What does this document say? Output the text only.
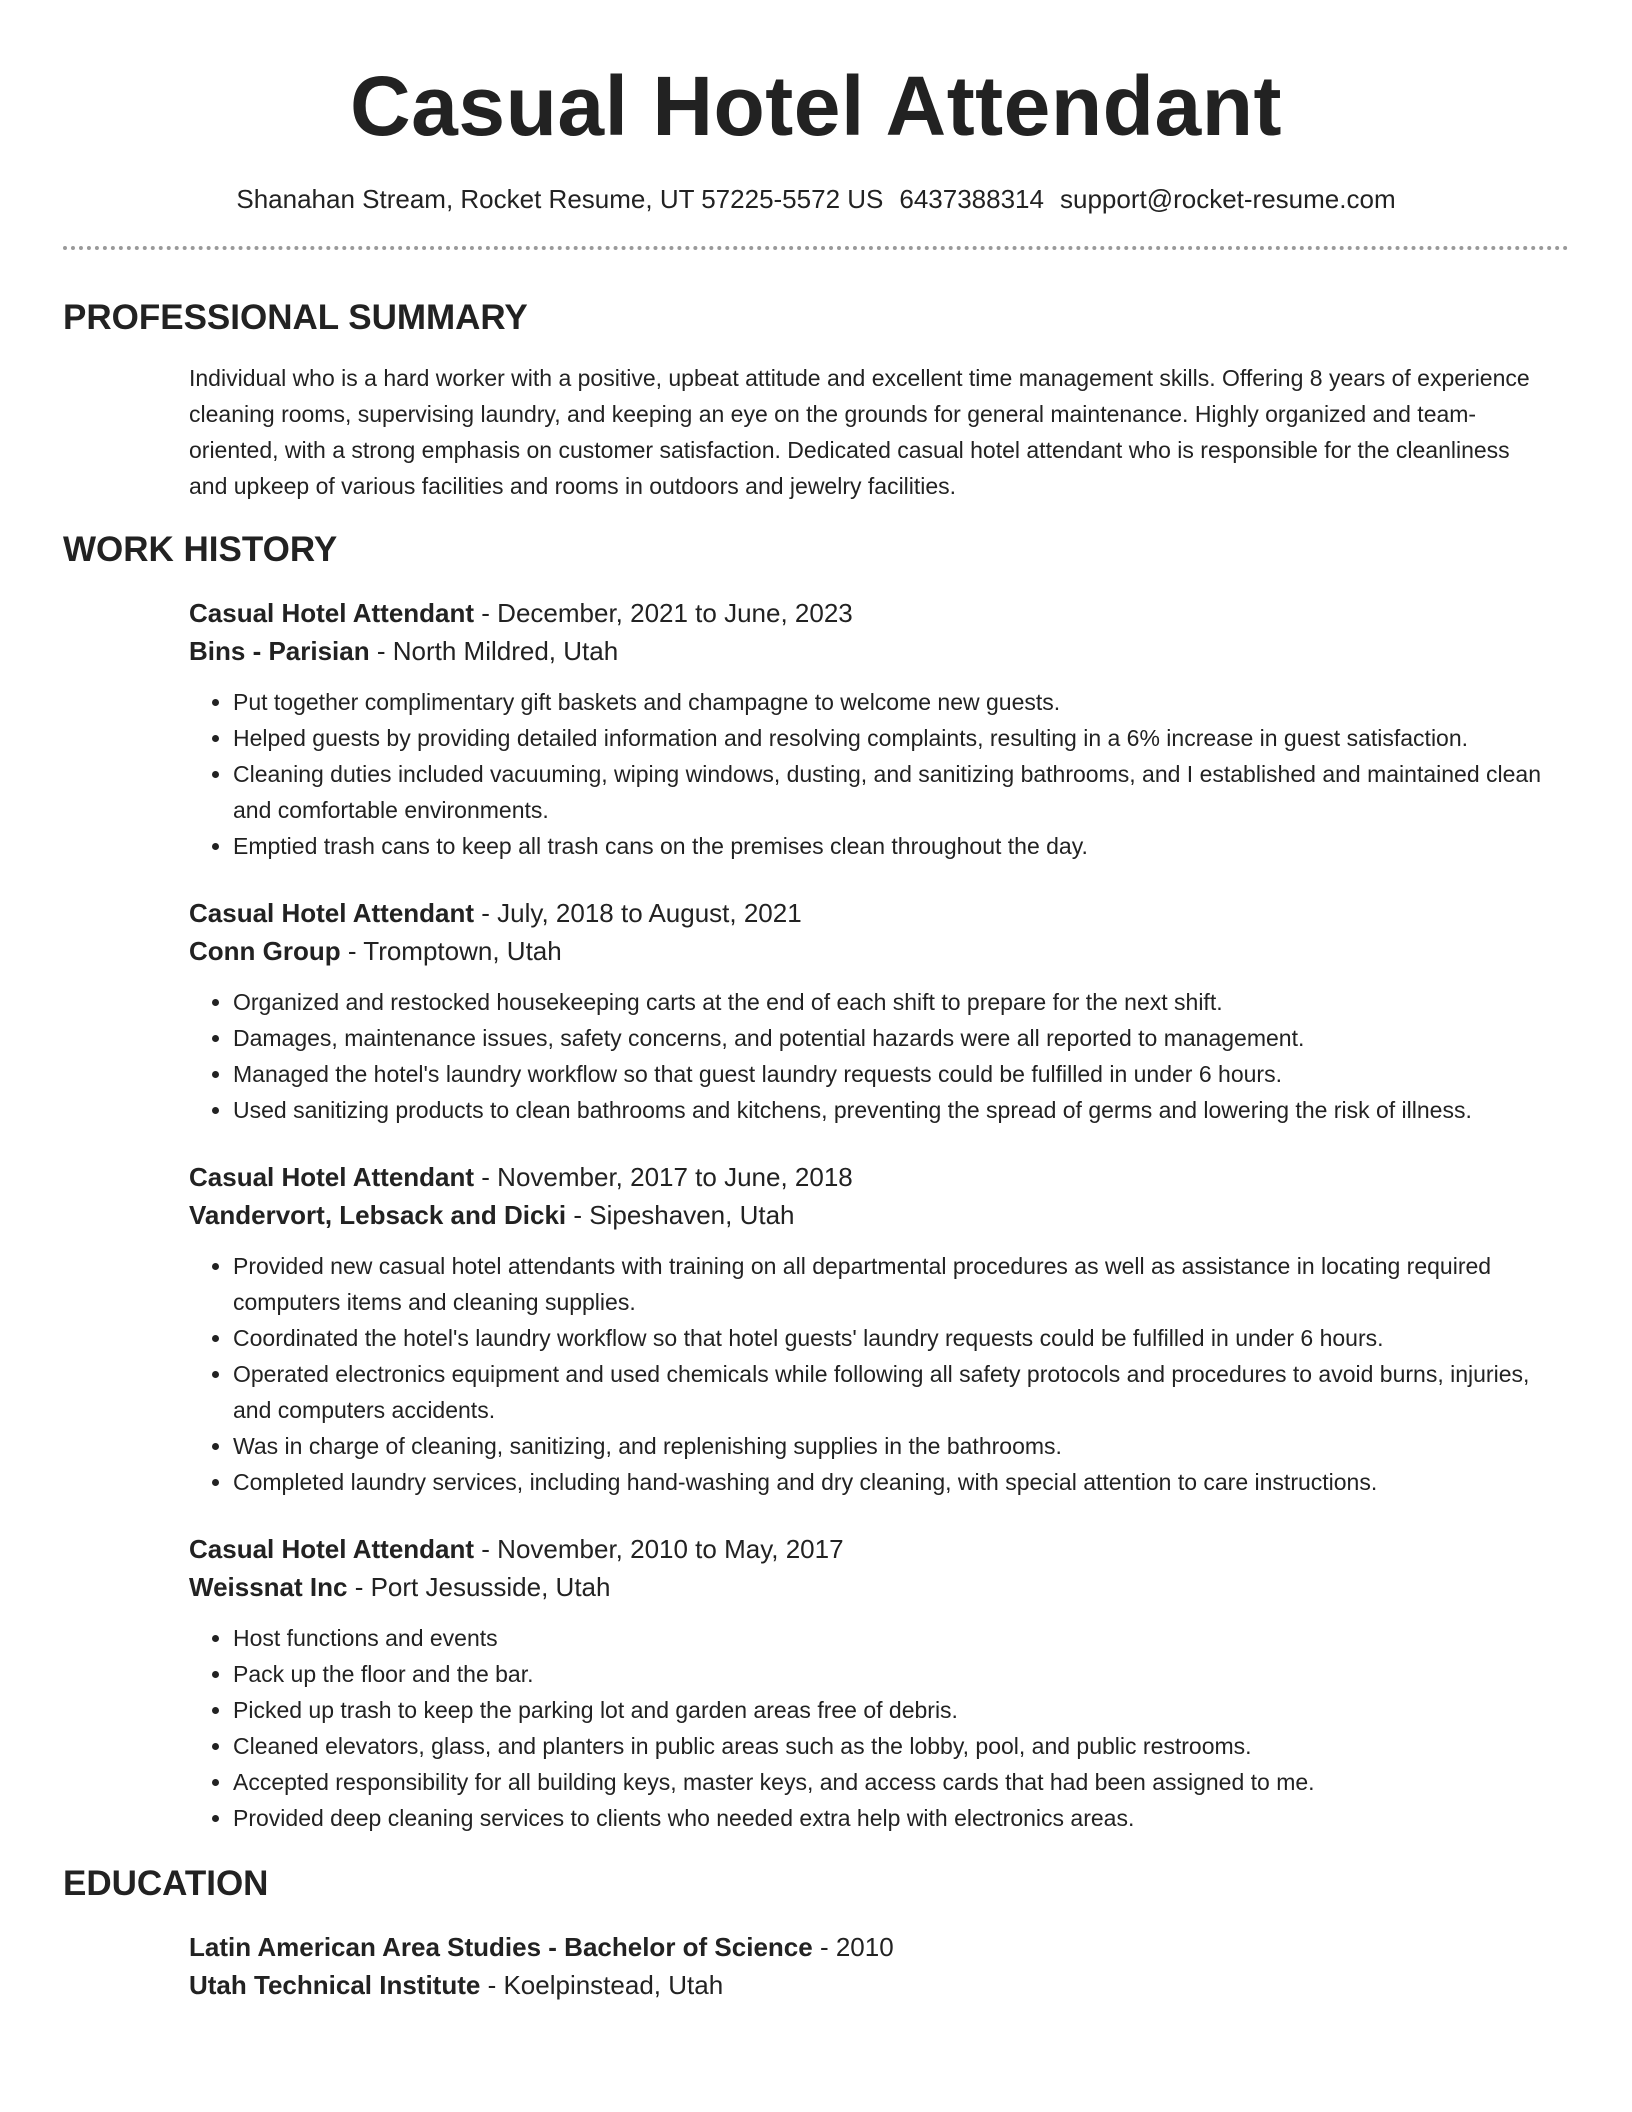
Casual Hotel Attendant
Shanahan Stream, Rocket Resume, UT 57225-5572 US 6437388314 support@rocket-resume.com
PROFESSIONAL SUMMARY

Individual who is a hard worker with a positive, upbeat attitude and excellent time management skills. Offering 8 years of experience cleaning rooms, supervising laundry, and keeping an eye on the grounds for general maintenance. Highly organized and team-oriented, with a strong emphasis on customer satisfaction. Dedicated casual hotel attendant who is responsible for the cleanliness and upkeep of various facilities and rooms in outdoors and jewelry facilities.

WORK HISTORY
Casual Hotel Attendant - December, 2021 to June, 2023
Bins - Parisian - North Mildred, Utah
• Put together complimentary gift baskets and champagne to welcome new guests.
• Helped guests by providing detailed information and resolving complaints, resulting in a 6% increase in guest satisfaction.
• Cleaning duties included vacuuming, wiping windows, dusting, and sanitizing bathrooms, and I established and maintained clean and comfortable environments.
• Emptied trash cans to keep all trash cans on the premises clean throughout the day.
Casual Hotel Attendant - July, 2018 to August, 2021
Conn Group - Tromptown, Utah
• Organized and restocked housekeeping carts at the end of each shift to prepare for the next shift.
• Damages, maintenance issues, safety concerns, and potential hazards were all reported to management.
• Managed the hotel's laundry workflow so that guest laundry requests could be fulfilled in under 6 hours.
• Used sanitizing products to clean bathrooms and kitchens, preventing the spread of germs and lowering the risk of illness.
Casual Hotel Attendant - November, 2017 to June, 2018
Vandervort, Lebsack and Dicki - Sipeshaven, Utah
• Provided new casual hotel attendants with training on all departmental procedures as well as assistance in locating required computers items and cleaning supplies.
• Coordinated the hotel's laundry workflow so that hotel guests' laundry requests could be fulfilled in under 6 hours.
• Operated electronics equipment and used chemicals while following all safety protocols and procedures to avoid burns, injuries, and computers accidents.
• Was in charge of cleaning, sanitizing, and replenishing supplies in the bathrooms.
• Completed laundry services, including hand-washing and dry cleaning, with special attention to care instructions.
Casual Hotel Attendant - November, 2010 to May, 2017
Weissnat Inc - Port Jesusside, Utah
• Host functions and events
• Pack up the floor and the bar.
• Picked up trash to keep the parking lot and garden areas free of debris.
• Cleaned elevators, glass, and planters in public areas such as the lobby, pool, and public restrooms.
• Accepted responsibility for all building keys, master keys, and access cards that had been assigned to me.
• Provided deep cleaning services to clients who needed extra help with electronics areas.
EDUCATION
Latin American Area Studies - Bachelor of Science - 2010
Utah Technical Institute - Koelpinstead, Utah
